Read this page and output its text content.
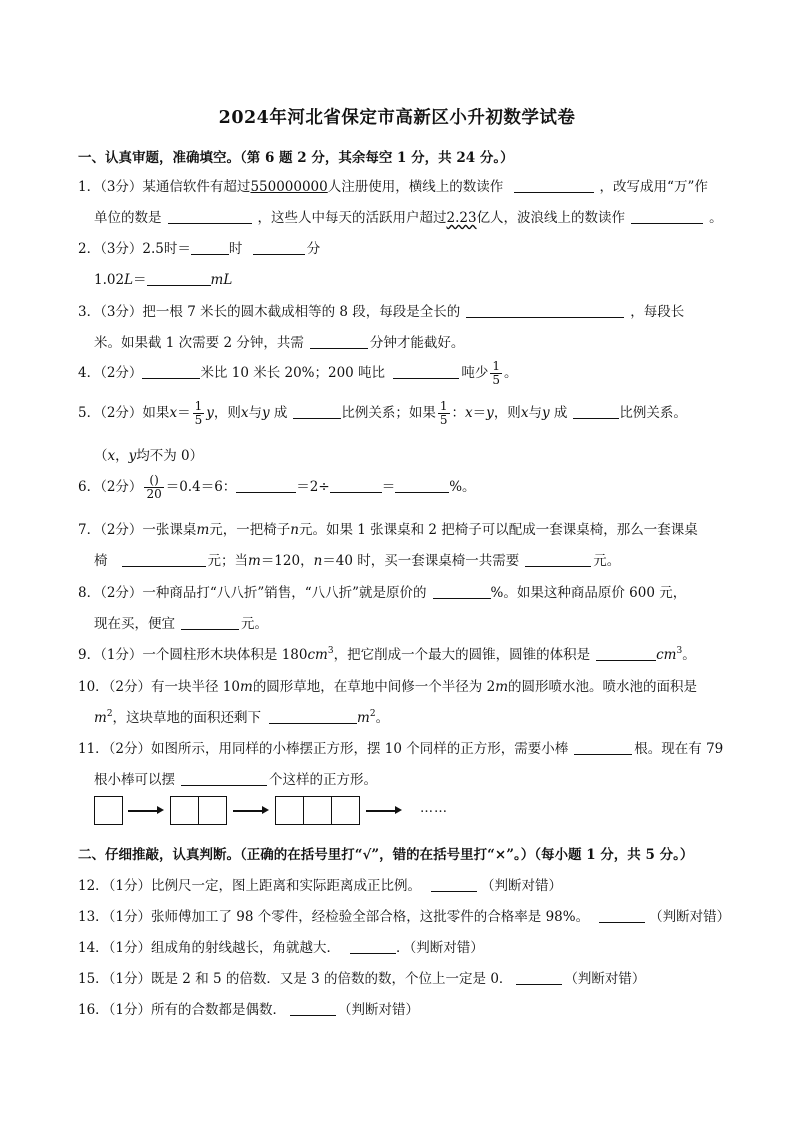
2024年河北省保定市高新区小升初数学试卷
一、认真审题，准确填空。（第 6 题 2 分，其余每空 1 分，共 24 分。）
1．（3分）某通信软件有超过550000000人注册使用，横线上的数读作	，改写成用“万”作
单位的数是	，这些人中每天的活跃用户超过2.23亿人，波浪线上的数读作	。
2．（3分）2.5时＝	时	分
1.02L＝	mL
3．（3分）把一根 7 米长的圆木截成相等的 8 段，每段是全长的	，每段长
米。如果截 1 次需要 2 分钟，共需	分钟才能截好。
4．（2分）	米比 10 米长 20%；200 吨比	吨少 $\frac{1}{5}$ 。
5．（2分）如果$x= \frac{1}{5}$ y，则x与y 成	比例关系；如果 $\frac{1}{5}$ ：x＝y，则x与y 成	比例关系。
（x，y均不为 0）
6．（2分） $\frac{()}{20} =0.4=6$：	＝2÷	＝	%。
7．（2分）一张课桌m元，一把椅子n元。如果 1 张课桌和 2 把椅子可以配成一套课桌椅，那么一套课桌
椅	元；当m＝120，n＝40 时，买一套课桌椅一共需要	元。
8．（2分）一种商品打“八八折”销售，“八八折”就是原价的	%。如果这种商品原价 600 元，
现在买，便宜	元。
9．（1分）一个圆柱形木块体积是 $180cm^3$，把它削成一个最大的圆锥，圆锥的体积是	$cm^3$。
10．（2分）有一块半径 10m的圆形草地，在草地中间修一个半径为 2m的圆形喷水池。喷水池的面积是
$m^2$，这块草地的面积还剩下	$m^2$。
11．（2分）如图所示，用同样的小棒摆正方形，摆 10 个同样的正方形，需要小棒	根。现在有 79
根小棒可以摆	个这样的正方形。
……
二、仔细推敲，认真判断。（正确的在括号里打“√”，错的在括号里打“×”。）（每小题 1 分，共 5 分。）
12．（1分）比例尺一定，图上距离和实际距离成正比例。	（判断对错）
13．（1分）张师傅加工了 98 个零件，经检验全部合格，这批零件的合格率是 98%。	（判断对错）
14．（1分）组成角的射线越长，角就越大．	．（判断对错）
15．（1分）既是 2 和 5 的倍数．又是 3 的倍数的数，个位上一定是 0．	（判断对错）
16．（1分）所有的合数都是偶数．	（判断对错）
